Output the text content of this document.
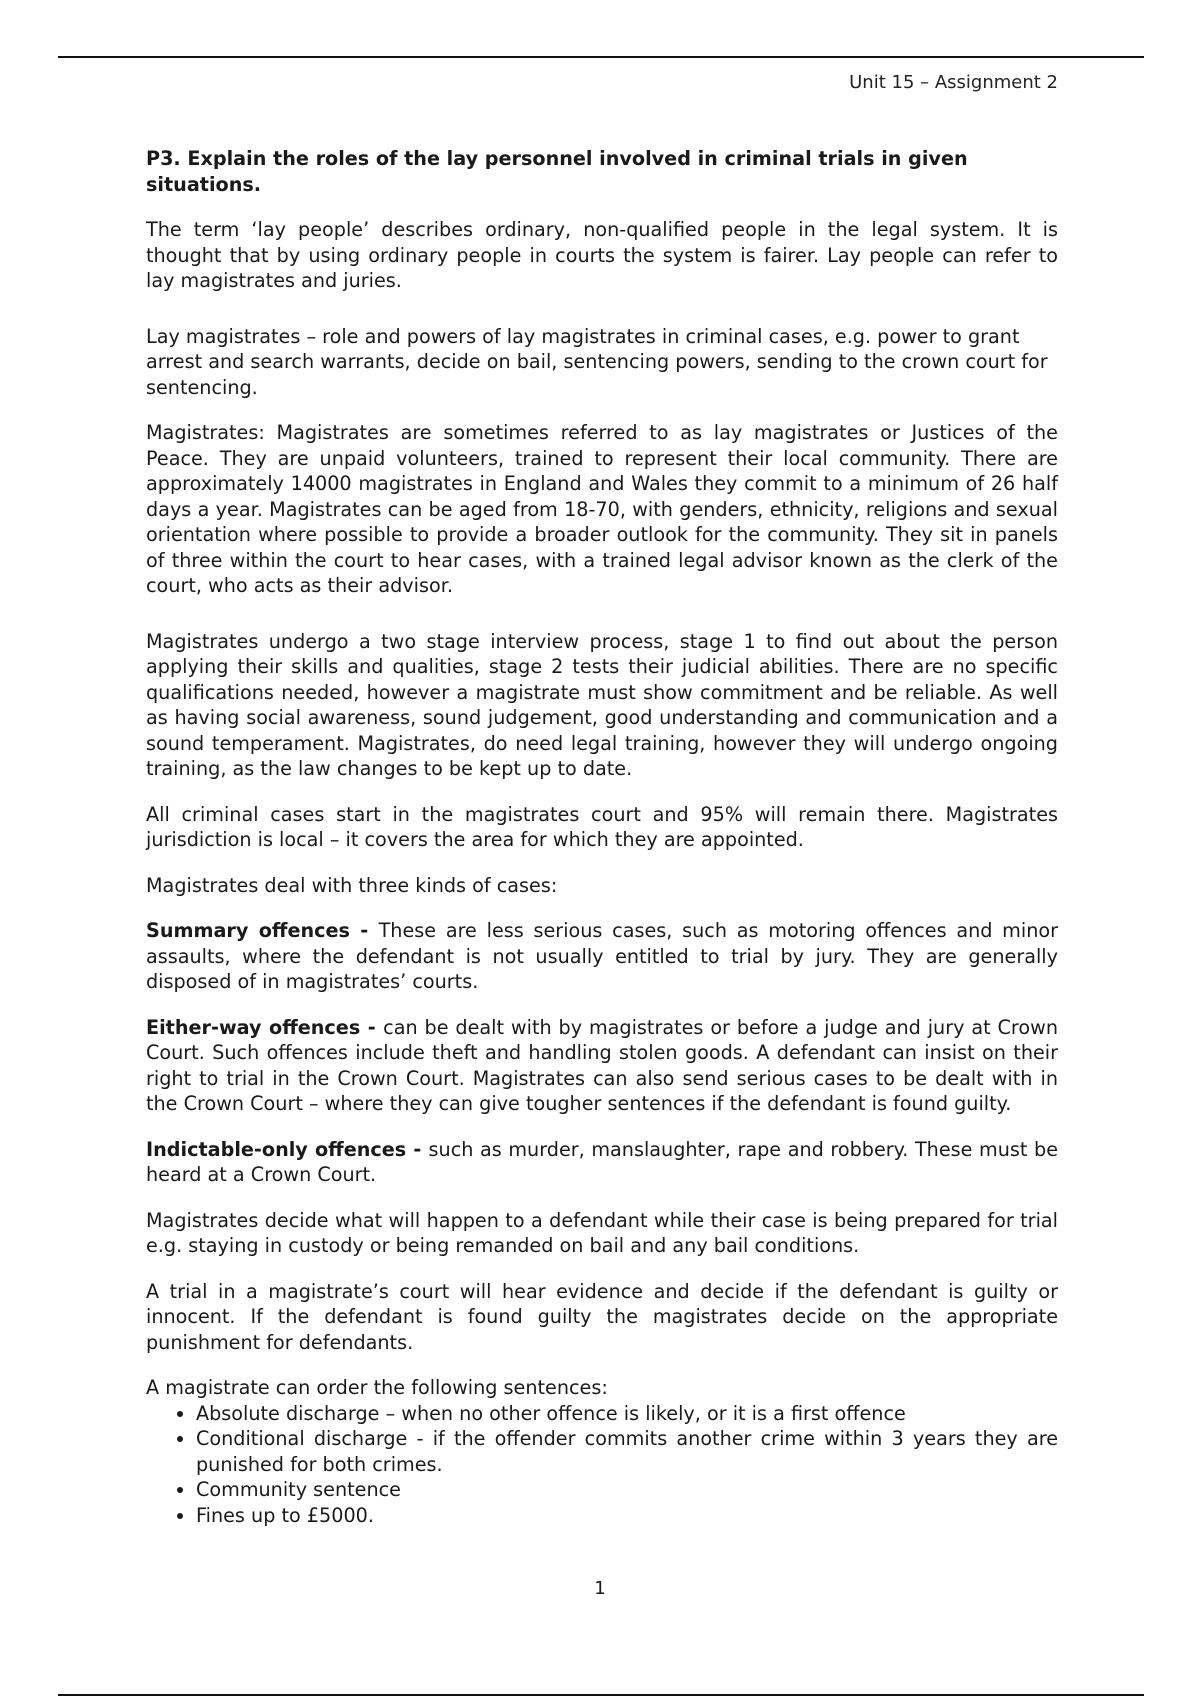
Unit 15 – Assignment 2

P3. Explain the roles of the lay personnel involved in criminal trials in given situations.

The term ‘lay people’ describes ordinary, non-qualified people in the legal system. It is thought that by using ordinary people in courts the system is fairer. Lay people can refer to lay magistrates and juries.

Lay magistrates – role and powers of lay magistrates in criminal cases, e.g. power to grant arrest and search warrants, decide on bail, sentencing powers, sending to the crown court for sentencing.

Magistrates: Magistrates are sometimes referred to as lay magistrates or Justices of the Peace. They are unpaid volunteers, trained to represent their local community. There are approximately 14000 magistrates in England and Wales they commit to a minimum of 26 half days a year. Magistrates can be aged from 18-70, with genders, ethnicity, religions and sexual orientation where possible to provide a broader outlook for the community. They sit in panels of three within the court to hear cases, with a trained legal advisor known as the clerk of the court, who acts as their advisor.

Magistrates undergo a two stage interview process, stage 1 to find out about the person applying their skills and qualities, stage 2 tests their judicial abilities. There are no specific qualifications needed, however a magistrate must show commitment and be reliable. As well as having social awareness, sound judgement, good understanding and communication and a sound temperament. Magistrates, do need legal training, however they will undergo ongoing training, as the law changes to be kept up to date.

All criminal cases start in the magistrates court and 95% will remain there. Magistrates jurisdiction is local – it covers the area for which they are appointed.

Magistrates deal with three kinds of cases:

Summary offences - These are less serious cases, such as motoring offences and minor assaults, where the defendant is not usually entitled to trial by jury. They are generally disposed of in magistrates’ courts.

Either-way offences - can be dealt with by magistrates or before a judge and jury at Crown Court. Such offences include theft and handling stolen goods. A defendant can insist on their right to trial in the Crown Court. Magistrates can also send serious cases to be dealt with in the Crown Court – where they can give tougher sentences if the defendant is found guilty.

Indictable-only offences - such as murder, manslaughter, rape and robbery. These must be heard at a Crown Court.

Magistrates decide what will happen to a defendant while their case is being prepared for trial e.g. staying in custody or being remanded on bail and any bail conditions.

A trial in a magistrate’s court will hear evidence and decide if the defendant is guilty or innocent. If the defendant is found guilty the magistrates decide on the appropriate punishment for defendants.

A magistrate can order the following sentences:

• Absolute discharge – when no other offence is likely, or it is a first offence
• Conditional discharge - if the offender commits another crime within 3 years they are punished for both crimes.
• Community sentence
• Fines up to £5000.
1
